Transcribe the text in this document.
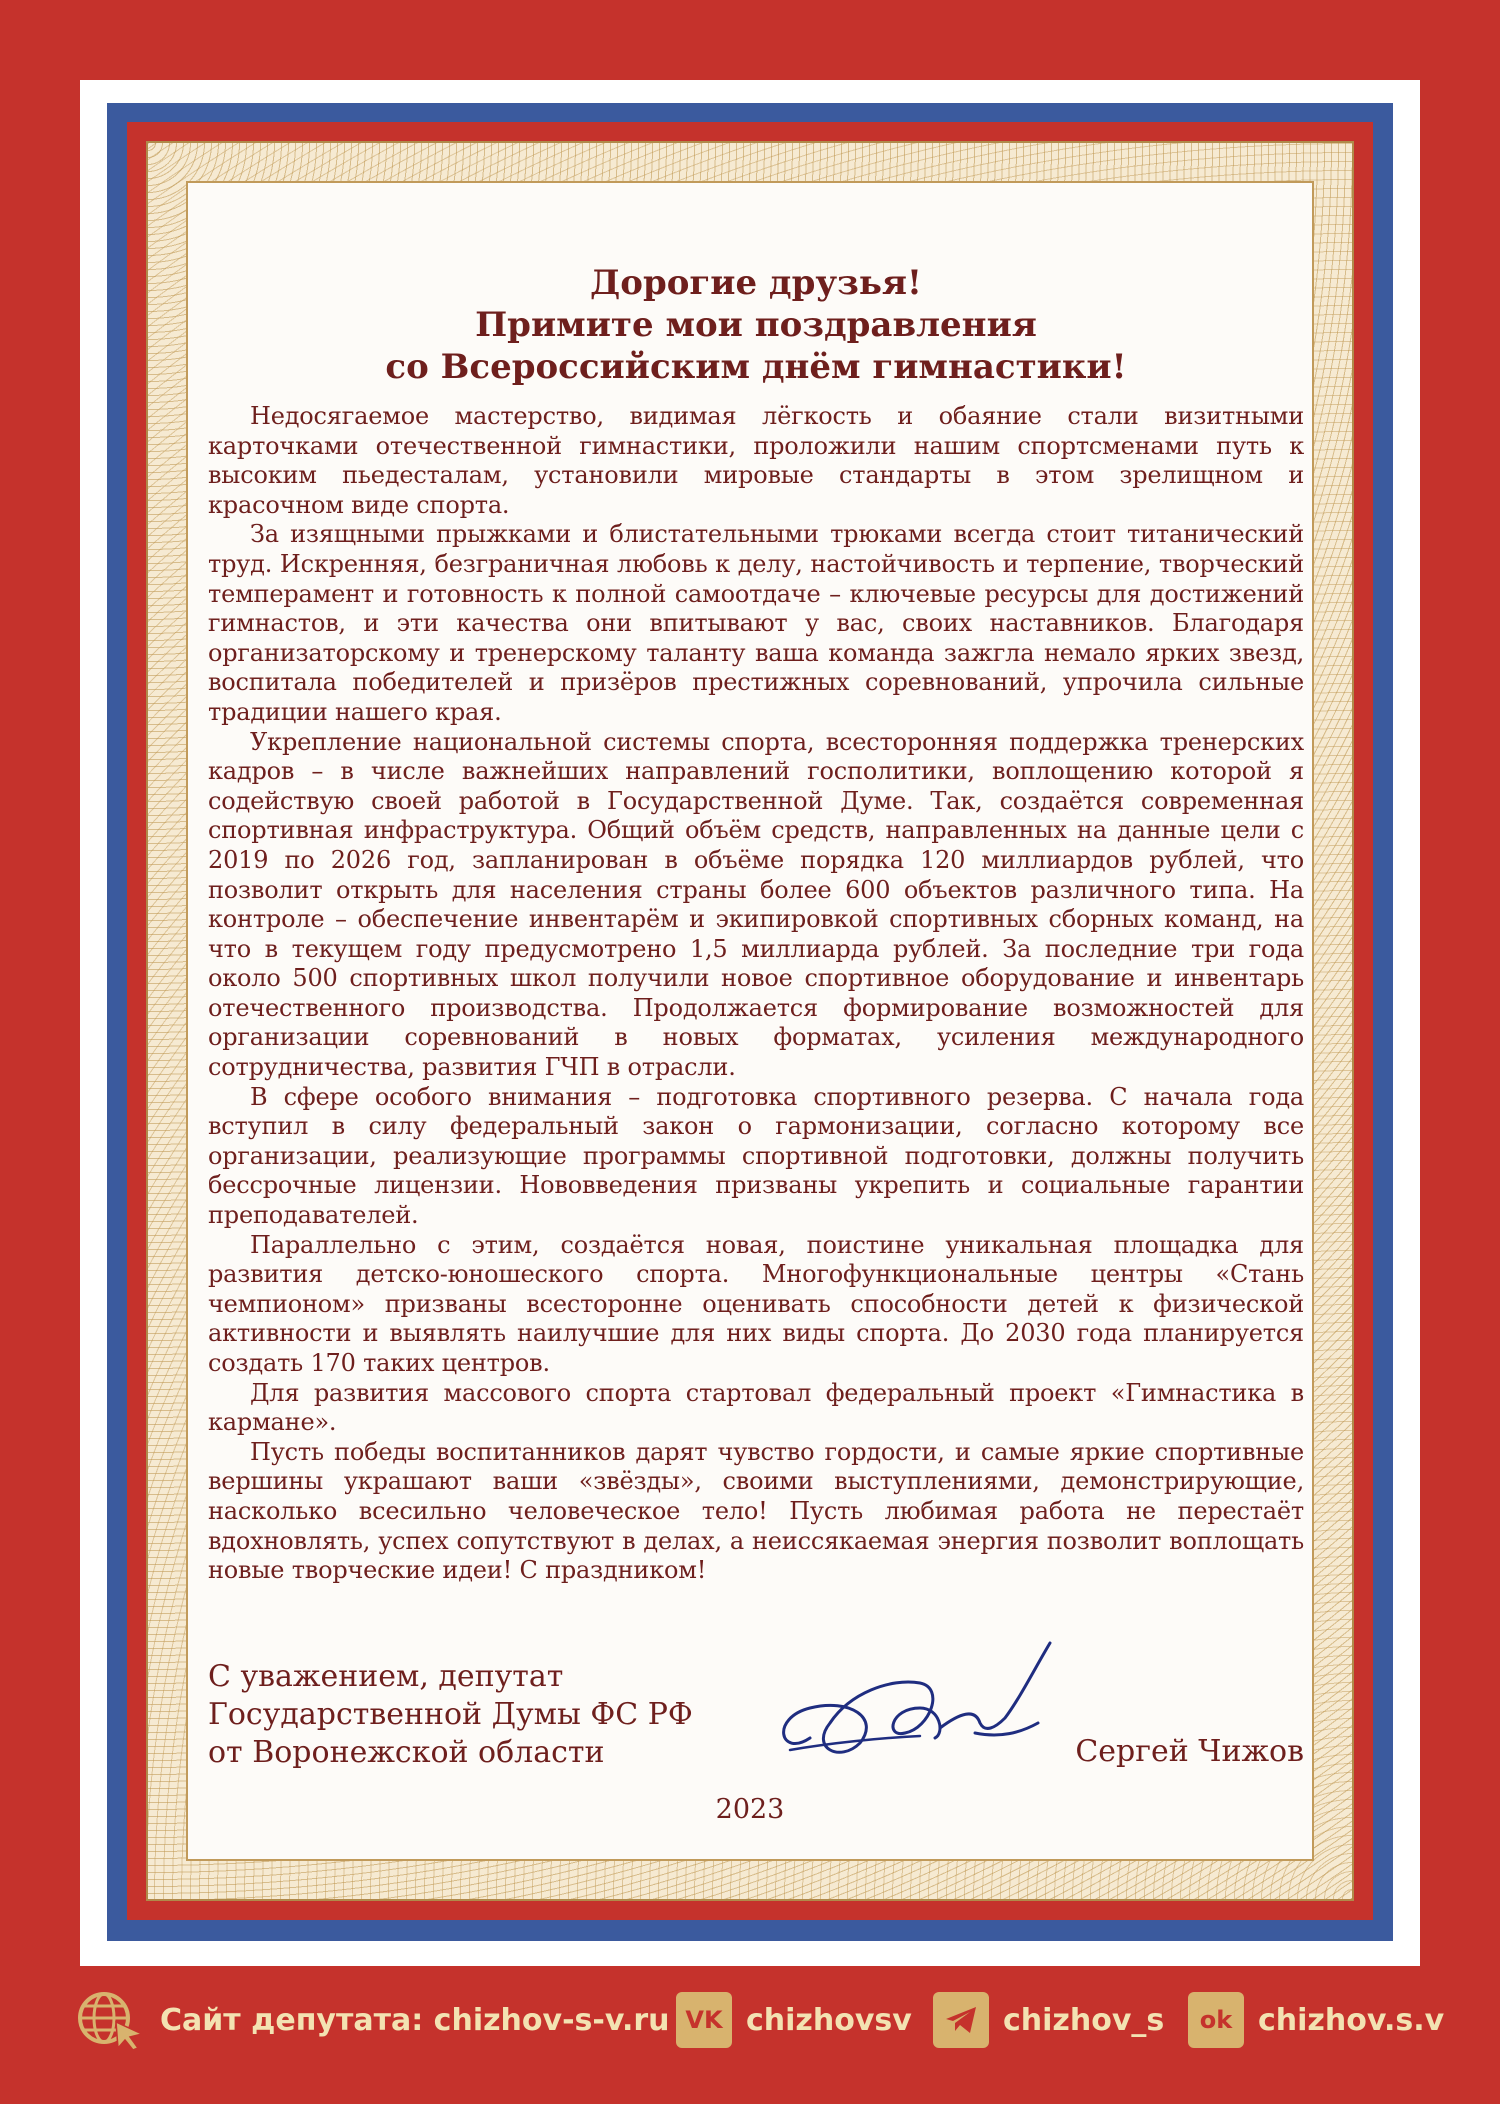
Дорогие друзья!
Примите мои поздравления
со Всероссийским днём гимнастики!

Недосягаемое мастерство, видимая лёгкость и обаяние стали визитными карточками отечественной гимнастики, проложили нашим спортсменами путь к высоким пьедесталам, установили мировые стандарты в этом зрелищном и красочном виде спорта.

За изящными прыжками и блистательными трюками всегда стоит титанический труд. Искренняя, безграничная любовь к делу, настойчивость и терпение, творческий темперамент и готовность к полной самоотдаче – ключевые ресурсы для достижений гимнастов, и эти качества они впитывают у вас, своих наставников. Благодаря организаторскому и тренерскому таланту ваша команда зажгла немало ярких звезд, воспитала победителей и призёров престижных соревнований, упрочила сильные традиции нашего края.

Укрепление национальной системы спорта, всесторонняя поддержка тренерских кадров – в числе важнейших направлений госполитики, воплощению которой я содействую своей работой в Государственной Думе. Так, создаётся современная спортивная инфраструктура. Общий объём средств, направленных на данные цели с 2019 по 2026 год, запланирован в объёме порядка 120 миллиардов рублей, что позволит открыть для населения страны более 600 объектов различного типа. На контроле – обеспечение инвентарём и экипировкой спортивных сборных команд, на что в текущем году предусмотрено 1,5 миллиарда рублей. За последние три года около 500 спортивных школ получили новое спортивное оборудование и инвентарь отечественного производства. Продолжается формирование возможностей для организации соревнований в новых форматах, усиления международного сотрудничества, развития ГЧП в отрасли.

В сфере особого внимания – подготовка спортивного резерва. С начала года вступил в силу федеральный закон о гармонизации, согласно которому все организации, реализующие программы спортивной подготовки, должны получить бессрочные лицензии. Нововведения призваны укрепить и социальные гарантии преподавателей.

Параллельно с этим, создаётся новая, поистине уникальная площадка для развития детско-юношеского спорта. Многофункциональные центры «Стань чемпионом» призваны всесторонне оценивать способности детей к физической активности и выявлять наилучшие для них виды спорта. До 2030 года планируется создать 170 таких центров.

Для развития массового спорта стартовал федеральный проект «Гимнастика в кармане».

Пусть победы воспитанников дарят чувство гордости, и самые яркие спортивные вершины украшают ваши «звёзды», своими выступлениями, демонстрирующие, насколько всесильно человеческое тело! Пусть любимая работа не перестаёт вдохновлять, успех сопутствуют в делах, а неиссякаемая энергия позволит воплощать новые творческие идеи! С праздником!

С уважением, депутат
Государственной Думы ФС РФ
от Воронежской области	Сергей Чижов
2023
Сайт депутата: chizhov-s-v.ru VK chizhovsv	chizhov_s ok chizhov.s.v
